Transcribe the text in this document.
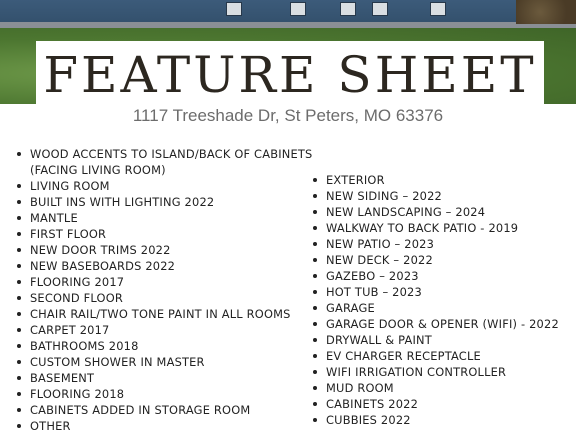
FEATURE SHEET
1117 Treeshade Dr, St Peters, MO 63376
WOOD ACCENTS TO ISLAND/BACK OF CABINETS (FACING LIVING ROOM)
LIVING ROOM
BUILT INS WITH LIGHTING 2022
MANTLE
FIRST FLOOR
NEW DOOR TRIMS 2022
NEW BASEBOARDS 2022
FLOORING 2017
SECOND FLOOR
CHAIR RAIL/TWO TONE PAINT IN ALL ROOMS
CARPET 2017
BATHROOMS 2018
CUSTOM SHOWER IN MASTER
BASEMENT
FLOORING 2018
CABINETS ADDED IN STORAGE ROOM
OTHER
EXTERIOR
NEW SIDING – 2022
NEW LANDSCAPING – 2024
WALKWAY TO BACK PATIO - 2019
NEW PATIO – 2023
NEW DECK – 2022
GAZEBO – 2023
HOT TUB – 2023
GARAGE
GARAGE DOOR & OPENER (WIFI) - 2022
DRYWALL & PAINT
EV CHARGER RECEPTACLE
WIFI IRRIGATION CONTROLLER
MUD ROOM
CABINETS 2022
CUBBIES 2022
